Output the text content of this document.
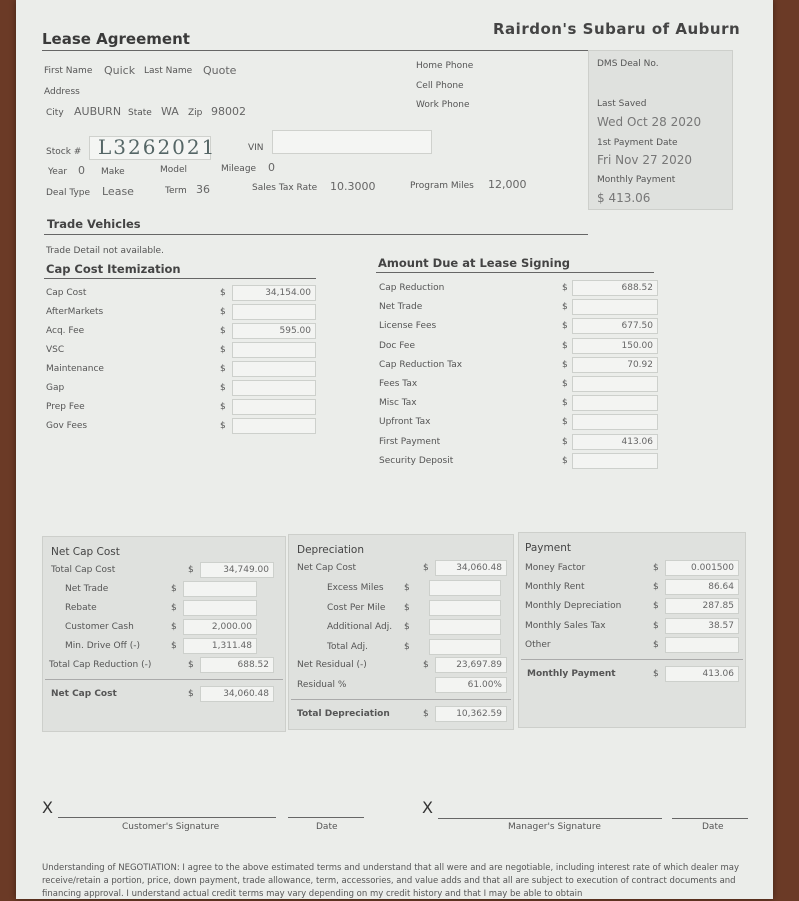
Lease Agreement
Rairdon's Subaru of Auburn
First Name Quick Last Name Quote
Address
City AUBURN State WA Zip 98002
Home Phone
Cell Phone
Work Phone
DMS Deal No.
Last Saved
Wed Oct 28 2020
1st Payment Date
Fri Nov 27 2020
Monthly Payment
$ 413.06
Stock # L3262021	VIN
Year 0 Make	Model	Mileage 0
Deal Type Lease	Term 36	Sales Tax Rate 10.3000	Program Miles 12,000
Trade Vehicles
Trade Detail not available.
Cap Cost Itemization
Cap Cost	$	34,154.00
AfterMarkets	$
Acq. Fee	$	595.00
VSC	$
Maintenance	$
Gap	$
Prep Fee	$
Gov Fees	$
Amount Due at Lease Signing
Cap Reduction	$	688.52
Net Trade	$
License Fees	$	677.50
Doc Fee	$	150.00
Cap Reduction Tax	$	70.92
Fees Tax	$
Misc Tax	$
Upfront Tax	$
First Payment	$	413.06
Security Deposit	$
Net Cap Cost
Total Cap Cost	$	34,749.00
Net Trade	$
Rebate	$
Customer Cash	$	2,000.00
Min. Drive Off (-)	$	1,311.48
Total Cap Reduction (-)	$	688.52
Net Cap Cost	$	34,060.48
Depreciation
Net Cap Cost	$	34,060.48
Excess Miles $
Cost Per Mile $
Additional Adj. $
Total Adj.	$
Net Residual (-)	$	23,697.89
Residual %	61.00%
Total Depreciation	$	10,362.59
Payment
Money Factor	$	0.001500
Monthly Rent	$	86.64
Monthly Depreciation	$	287.85
Monthly Sales Tax	$	38.57
Other	$
Monthly Payment	$	413.06
X
Customer's Signature	Date
X
Manager's Signature	Date
Understanding of NEGOTIATION: I agree to the above estimated terms and understand that all were and are negotiable, including interest rate of which dealer may receive/retain a portion, price, down payment, trade allowance, term, accessories, and value adds and that all are subject to execution of contract documents and financing approval. I understand actual credit terms may vary depending on my credit history and that I may be able to obtain
